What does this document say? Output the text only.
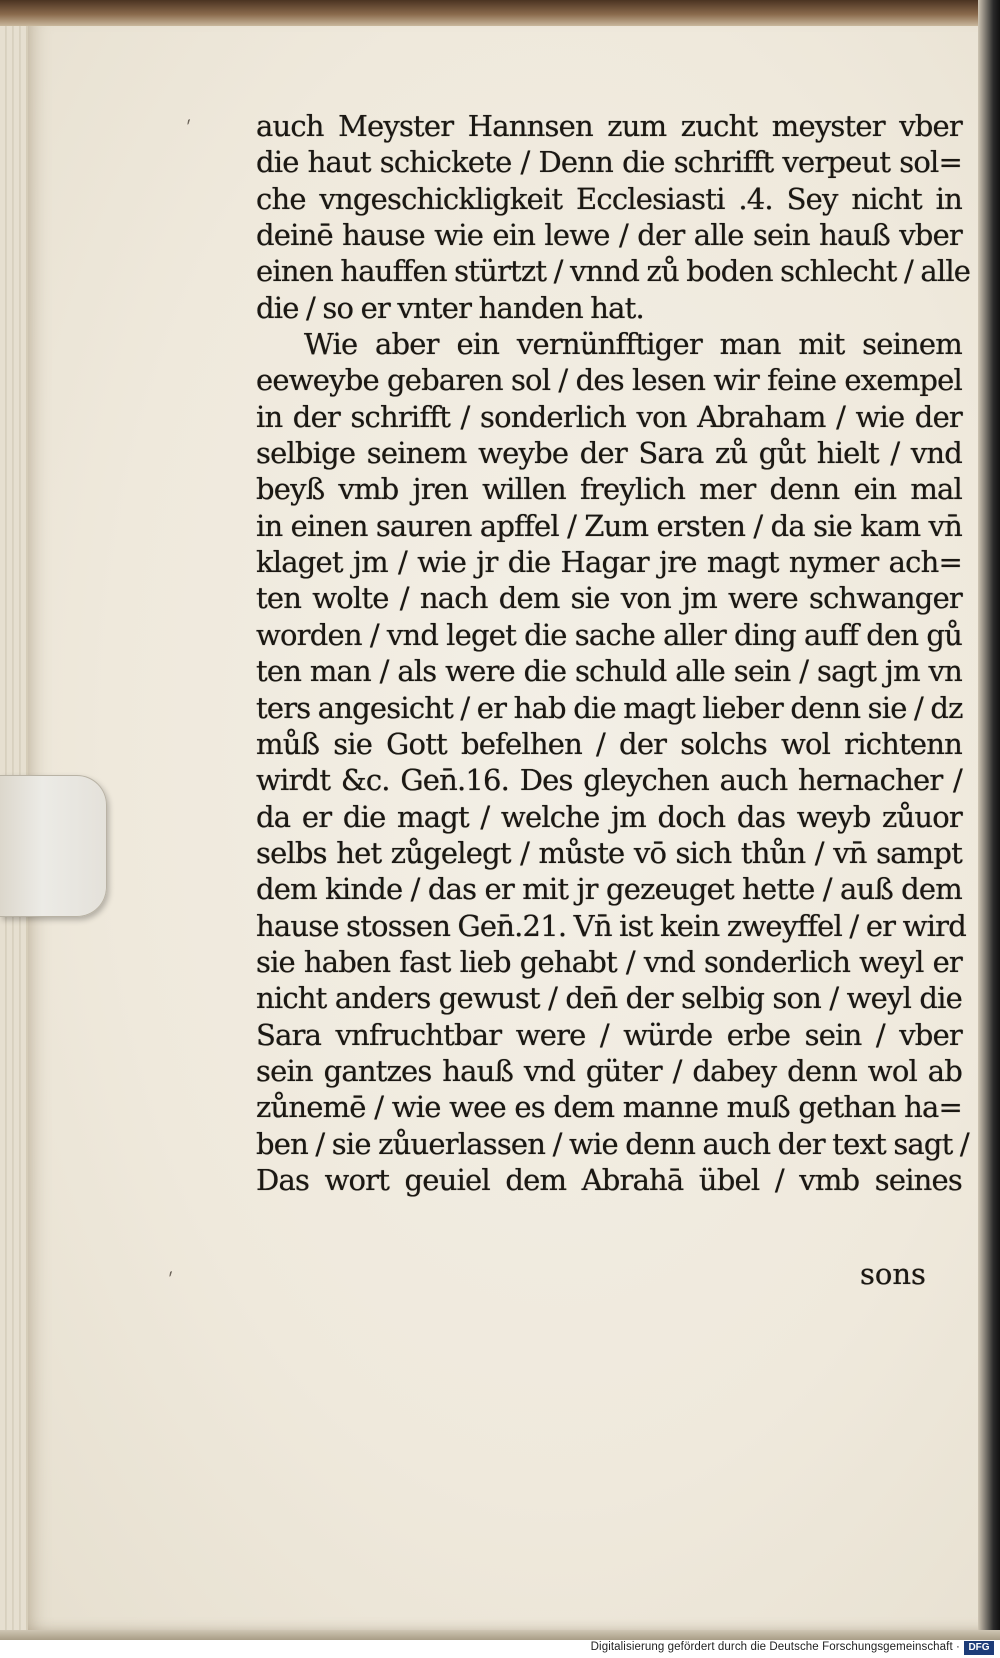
ˊ
ˊ
auch Meyster Hannsen zum zucht meyster vber
die haut schickete / Denn die schrifft verpeut sol=
che vngeschickligkeit Ecclesiasti .4. Sey nicht in
deinē hause wie ein lewe / der alle sein hauß vber
einen hauffen stürtzt / vnnd zů boden schlecht / alle
die / so er vnter handen hat.
Wie aber ein vernünfftiger man mit seinem
eeweybe gebaren sol / des lesen wir feine exempel
in der schrifft / sonderlich von Abraham / wie der
selbige seinem weybe der Sara zů gůt hielt / vnd
beyß vmb jren willen freylich mer denn ein mal
in einen sauren apffel / Zum ersten / da sie kam vn̄
klaget jm / wie jr die Hagar jre magt nymer ach=
ten wolte / nach dem sie von jm were schwanger
worden / vnd leget die sache aller ding auff den gů
ten man / als were die schuld alle sein / sagt jm vn
ters angesicht / er hab die magt lieber denn sie / dz
můß sie Gott befelhen / der solchs wol richtenn
wirdt &c. Gen̄.16. Des gleychen auch hernacher /
da er die magt / welche jm doch das weyb zůuor
selbs het zůgelegt / můste vō sich thůn / vn̄ sampt
dem kinde / das er mit jr gezeuget hette / auß dem
hause stossen Gen̄.21. Vn̄ ist kein zweyffel / er wird
sie haben fast lieb gehabt / vnd sonderlich weyl er
nicht anders gewust / den̄ der selbig son / weyl die
Sara vnfruchtbar were / würde erbe sein / vber
sein gantzes hauß vnd güter / dabey denn wol ab
zůnemē / wie wee es dem manne muß gethan ha=
ben / sie zůuerlassen / wie denn auch der text sagt /
Das wort geuiel dem Abrahā übel / vmb seines
sons
Digitalisierung gefördert durch die Deutsche Forschungsgemeinschaft · DFG
